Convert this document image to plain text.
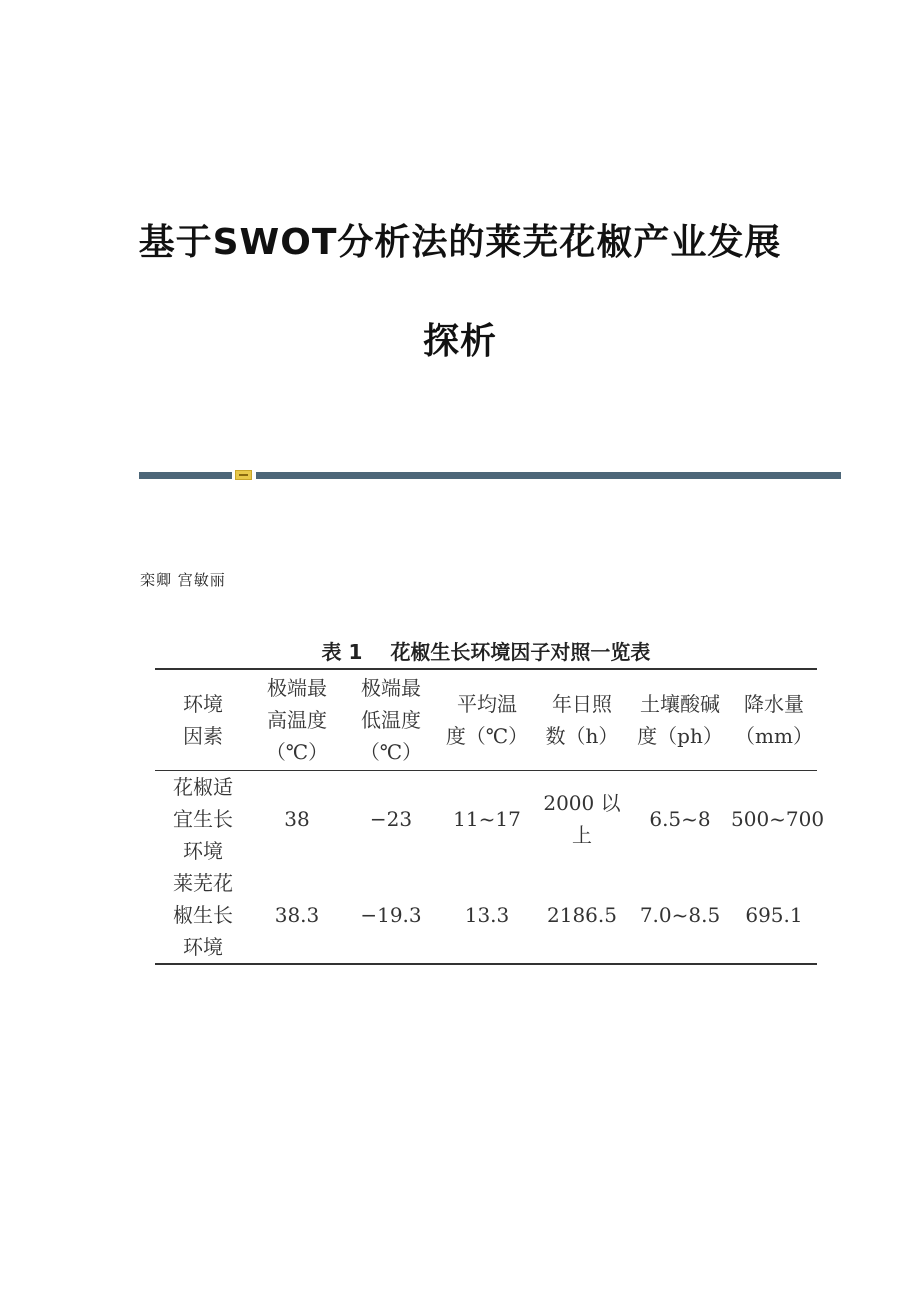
基于SWOT分析法的莱芜花椒产业发展
探析
栾卿 宫敏丽
表 1 花椒生长环境因子对照一览表
环境
因素	极端最
高温度
（℃）	极端最
低温度
（℃）	平均温
度（℃）	年日照
数（h）	土壤酸碱
度（ph）	降水量
（mm）
花椒适
宜生长
环境	38	−23	11~17	2000 以
上	6.5~8	500~700
莱芜花
椒生长
环境	38.3	−19.3	13.3	2186.5	7.0~8.5	695.1
